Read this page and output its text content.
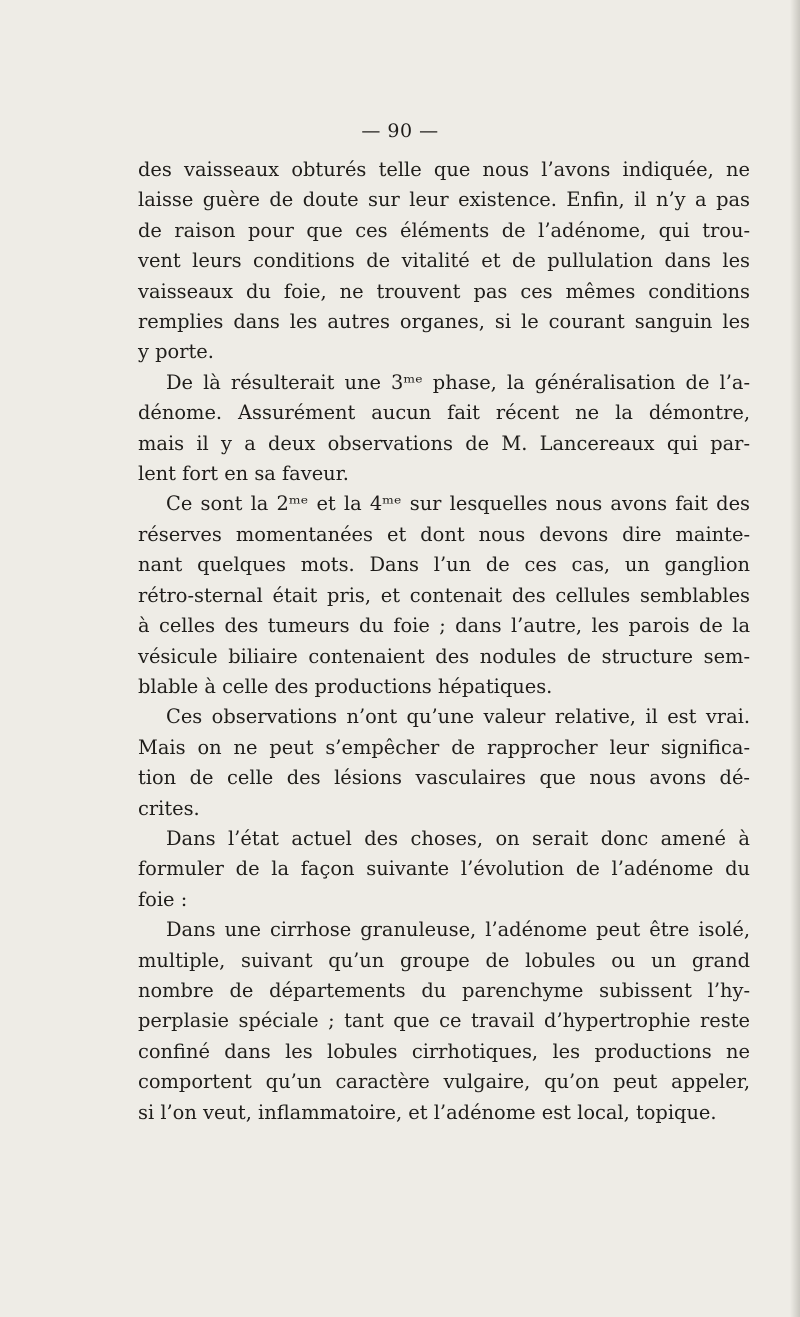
— 90 —
des vaisseaux obturés telle que nous l’avons indiquée, ne
laisse guère de doute sur leur existence. Enfin, il n’y a pas
de raison pour que ces éléments de l’adénome, qui trou-
vent leurs conditions de vitalité et de pullulation dans les
vaisseaux du foie, ne trouvent pas ces mêmes conditions
remplies dans les autres organes, si le courant sanguin les
y porte.
De là résulterait une 3ᵐᵉ phase, la généralisation de l’a-
dénome. Assurément aucun fait récent ne la démontre,
mais il y a deux observations de M. Lancereaux qui par-
lent fort en sa faveur.
Ce sont la 2ᵐᵉ et la 4ᵐᵉ sur lesquelles nous avons fait des
réserves momentanées et dont nous devons dire mainte-
nant quelques mots. Dans l’un de ces cas, un ganglion
rétro-sternal était pris, et contenait des cellules semblables
à celles des tumeurs du foie ; dans l’autre, les parois de la
vésicule biliaire contenaient des nodules de structure sem-
blable à celle des productions hépatiques.
Ces observations n’ont qu’une valeur relative, il est vrai.
Mais on ne peut s’empêcher de rapprocher leur significa-
tion de celle des lésions vasculaires que nous avons dé-
crites.
Dans l’état actuel des choses, on serait donc amené à
formuler de la façon suivante l’évolution de l’adénome du
foie :
Dans une cirrhose granuleuse, l’adénome peut être isolé,
multiple, suivant qu’un groupe de lobules ou un grand
nombre de départements du parenchyme subissent l’hy-
perplasie spéciale ; tant que ce travail d’hypertrophie reste
confiné dans les lobules cirrhotiques, les productions ne
comportent qu’un caractère vulgaire, qu’on peut appeler,
si l’on veut, inflammatoire, et l’adénome est local, topique.
